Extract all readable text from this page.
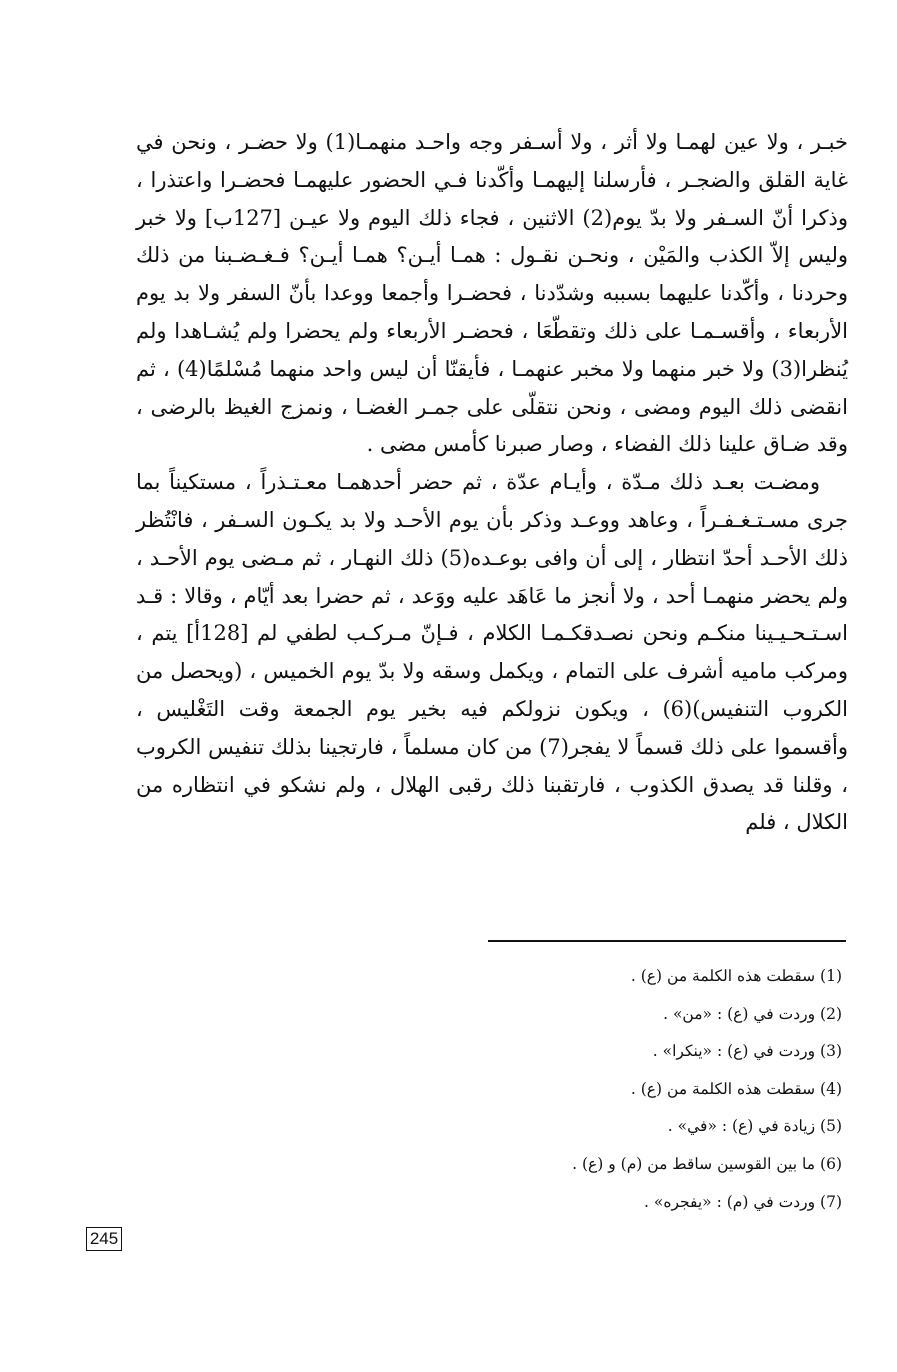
خبـر ، ولا عين لهمـا ولا أثر ، ولا أسـفر وجه واحـد منهمـا(1) ولا حضـر ، ونحن في غاية القلق والضجـر ، فأرسلنا إليهمـا وأكّدنا فـي الحضور عليهمـا فحضـرا واعتذرا ، وذكرا أنّ السـفر ولا بدّ يوم(2) الاثنين ، فجاء ذلك اليوم ولا عيـن [127ب] ولا خبر وليس إلاّ الكذب والمَيْن ، ونحـن نقـول : همـا أيـن؟ همـا أيـن؟ فـغـضـبنا من ذلك وحردنا ، وأكّدنا عليهما بسببه وشدّدنا ، فحضـرا وأجمعا ووعدا بأنّ السفر ولا بد يوم الأربعاء ، وأقسـمـا على ذلك وتقطّعَا ، فحضـر الأربعاء ولم يحضرا ولم يُشـاهدا ولم يُنظرا(3) ولا خبر منهما ولا مخبر عنهمـا ، فأيقنّا أن ليس واحد منهما مُسْلمًا(4) ، ثم انقضى ذلك اليوم ومضى ، ونحن نتقلّى على جمـر الغضـا ، ونمزج الغيظ بالرضى ، وقد ضـاق علينا ذلك الفضاء ، وصار صبرنا كأمس مضى .

ومضـت بعـد ذلك مـدّة ، وأيـام عدّة ، ثم حضر أحدهمـا معـتـذراً ، مستكيناً بما جرى مسـتـغـفـراً ، وعاهد ووعـد وذكر بأن يوم الأحـد ولا بد يكـون السـفر ، فانْتُظر ذلك الأحـد أحدّ انتظار ، إلى أن وافى بوعـده(5) ذلك النهـار ، ثم مـضى يوم الأحـد ، ولم يحضر منهمـا أحد ، ولا أنجز ما عَاهَد عليه ووَعد ، ثم حضرا بعد أيّام ، وقالا : قـد اسـتـحـيـينا منكـم ونحن نصـدقكـمـا الكلام ، فـإنّ مـركـب لطفي لم [128أ] يتم ، ومركب ماميه أشرف على التمام ، ويكمل وسقه ولا بدّ يوم الخميس ، (ويحصل من الكروب التنفيس)(6) ، ويكون نزولكم فيه بخير يوم الجمعة وقت التَغْليس ، وأقسموا على ذلك قسماً لا يفجر(7) من كان مسلماً ، فارتجينا بذلك تنفيس الكروب ، وقلنا قد يصدق الكذوب ، فارتقبنا ذلك رقبى الهلال ، ولم نشكو في انتظاره من الكلال ، فلم

(1) سقطت هذه الكلمة من (ع) .
(2) وردت في (ع) : «من» .
(3) وردت في (ع) : «ينكرا» .
(4) سقطت هذه الكلمة من (ع) .
(5) زيادة في (ع) : «في» .
(6) ما بين القوسين ساقط من (م) و (ع) .
(7) وردت في (م) : «يفجره» .
245
